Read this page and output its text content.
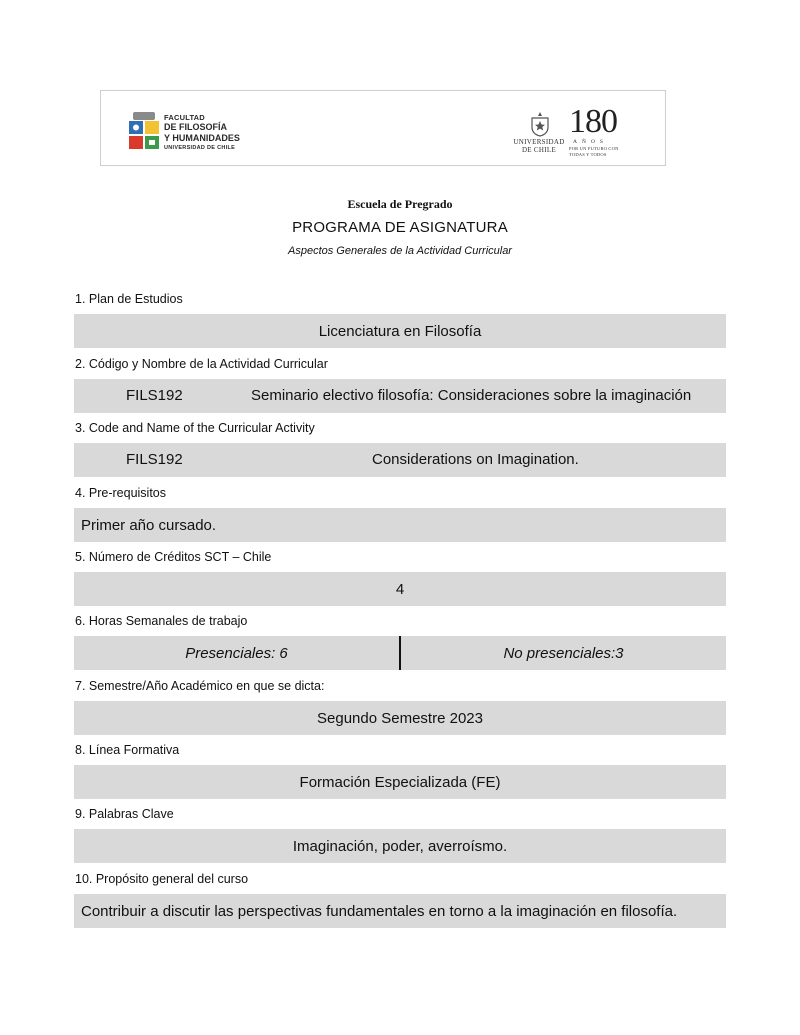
FACULTAD
DE FILOSOFÍA
Y HUMANIDADES
UNIVERSIDAD DE CHILE
UNIVERSIDAD
DE CHILE
180
AÑOS
POR UN FUTURO CON
TODAS Y TODOS
Escuela de Pregrado
PROGRAMA DE ASIGNATURA
Aspectos Generales de la Actividad Curricular
1. Plan de Estudios
Licenciatura en Filosofía
2. Código y Nombre de la Actividad Curricular
FILS192	Seminario electivo filosofía: Consideraciones sobre la imaginación
3. Code and Name of the Curricular Activity
FILS192	Considerations on Imagination.
4. Pre-requisitos
Primer año cursado.
5. Número de Créditos SCT – Chile
4
6. Horas Semanales de trabajo
Presenciales: 6	No presenciales:3
7. Semestre/Año Académico en que se dicta:
Segundo Semestre 2023
8. Línea Formativa
Formación Especializada (FE)
9. Palabras Clave
Imaginación, poder, averroísmo.
10. Propósito general del curso
Contribuir a discutir las perspectivas fundamentales en torno a la imaginación en filosofía.
